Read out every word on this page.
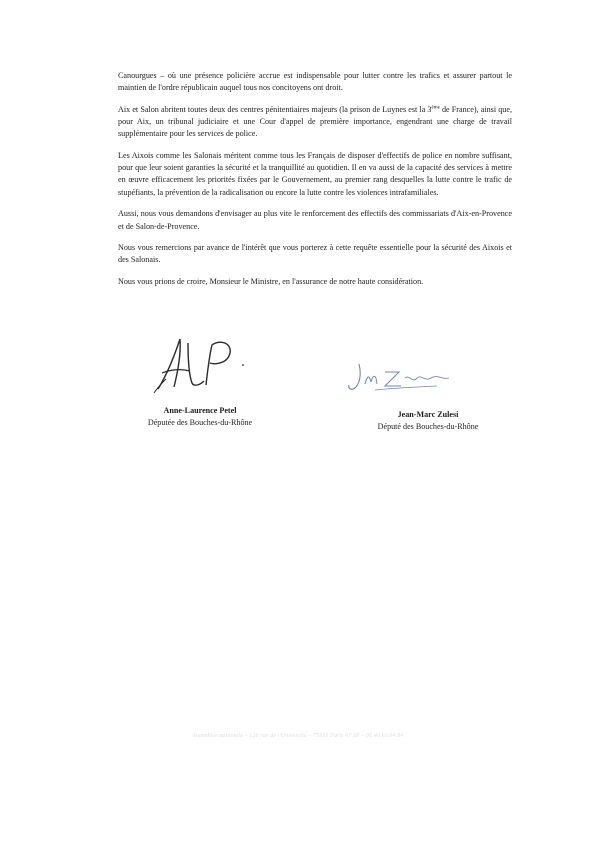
Canourgues – où une présence policière accrue est indispensable pour lutter contre les trafics et assurer partout le maintien de l'ordre républicain auquel tous nos concitoyens ont droit.

Aix et Salon abritent toutes deux des centres pénitentiaires majeurs (la prison de Luynes est la 3ème de France), ainsi que, pour Aix, un tribunal judiciaire et une Cour d'appel de première importance, engendrant une charge de travail supplémentaire pour les services de police.

Les Aixois comme les Salonais méritent comme tous les Français de disposer d'effectifs de police en nombre suffisant, pour que leur soient garanties la sécurité et la tranquillité au quotidien. Il en va aussi de la capacité des services à mettre en œuvre efficacement les priorités fixées par le Gouvernement, au premier rang desquelles la lutte contre le trafic de stupéfiants, la prévention de la radicalisation ou encore la lutte contre les violences intrafamiliales.

Aussi, nous vous demandons d'envisager au plus vite le renforcement des effectifs des commissariats d'Aix-en-Provence et de Salon-de-Provence.

Nous vous remercions par avance de l'intérêt que vous porterez à cette requête essentielle pour la sécurité des Aixois et des Salonais.

Nous vous prions de croire, Monsieur le Ministre, en l'assurance de notre haute considération.

Anne-Laurence Petel
Députée des Bouches-du-Rhône
Jean-Marc Zulesi
Député des Bouches-du-Rhône
Assemblée nationale – 126 rue de l'Université – 75355 Paris 07 SP – 01.40.63.04.84
